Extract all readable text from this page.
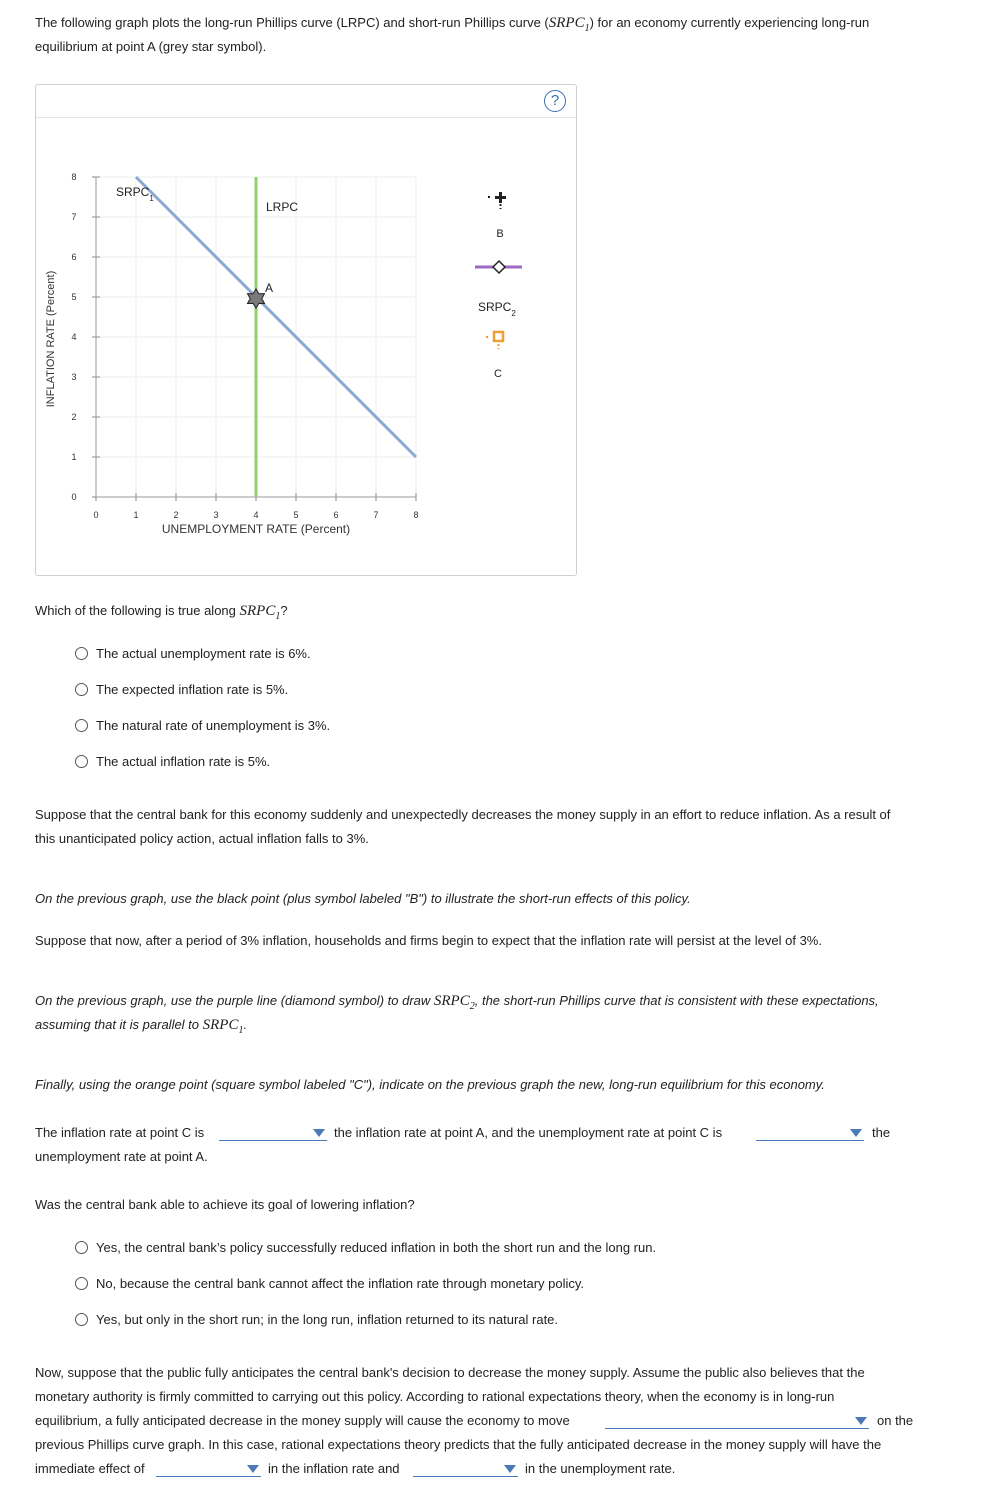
The following graph plots the long-run Phillips curve (LRPC) and short-run Phillips curve $(SRPC_1)$ for an economy currently experiencing long-run

equilibrium at point A (grey star symbol).

?
INFLATION RATE (Percent)
0
0
1
1
2
2
3
3
4
4
5
5
6
6
7
7
8
8
UNEMPLOYMENT RATE (Percent)
LRPC
$SRPC_1$
A
B
$SRPC_2$
C

Which of the following is true along $SRPC_1$?

The actual unemployment rate is 6%.
The expected inflation rate is 5%.
The natural rate of unemployment is 3%.
The actual inflation rate is 5%.

Suppose that the central bank for this economy suddenly and unexpectedly decreases the money supply in an effort to reduce inflation. As a result of

this unanticipated policy action, actual inflation falls to 3%.

On the previous graph, use the black point (plus symbol labeled "B") to illustrate the short-run effects of this policy.

Suppose that now, after a period of 3% inflation, households and firms begin to expect that the inflation rate will persist at the level of 3%.

On the previous graph, use the purple line (diamond symbol) to draw $SRPC_2$, the short-run Phillips curve that is consistent with these expectations,

assuming that it is parallel to $SRPC_1$.

Finally, using the orange point (square symbol labeled "C"), indicate on the previous graph the new, long-run equilibrium for this economy.

The inflation rate at point C is	the inflation rate at point A, and the unemployment rate at point C is	the

unemployment rate at point A.

Was the central bank able to achieve its goal of lowering inflation?

Yes, the central bank’s policy successfully reduced inflation in both the short run and the long run.
No, because the central bank cannot affect the inflation rate through monetary policy.
Yes, but only in the short run; in the long run, inflation returned to its natural rate.

Now, suppose that the public fully anticipates the central bank's decision to decrease the money supply. Assume the public also believes that the

monetary authority is firmly committed to carrying out this policy. According to rational expectations theory, when the economy is in long-run

equilibrium, a fully anticipated decrease in the money supply will cause the economy to move	on the

previous Phillips curve graph. In this case, rational expectations theory predicts that the fully anticipated decrease in the money supply will have the

immediate effect of	in the inflation rate and	in the unemployment rate.
